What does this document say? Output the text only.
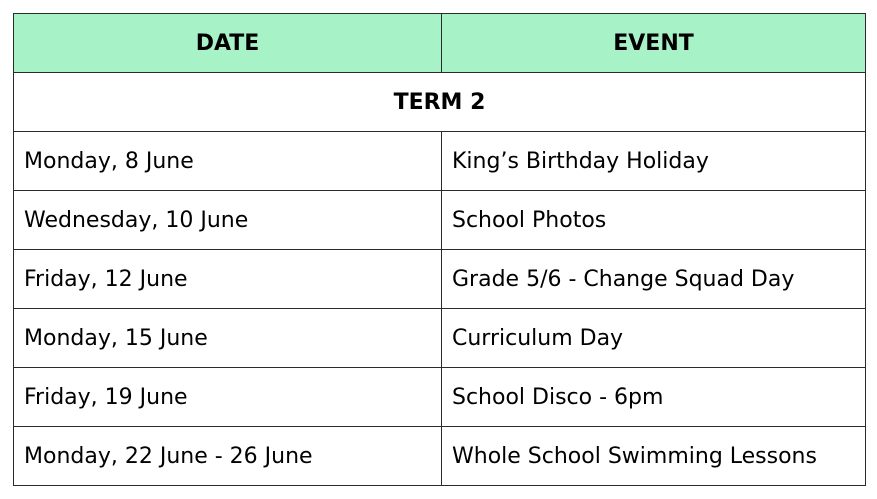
DATE	EVENT
TERM 2	
Monday, 8 June	King’s Birthday Holiday
Wednesday, 10 June	School Photos
Friday, 12 June	Grade 5/6 - Change Squad Day
Monday, 15 June	Curriculum Day
Friday, 19 June	School Disco - 6pm
Monday, 22 June - 26 June	Whole School Swimming Lessons
